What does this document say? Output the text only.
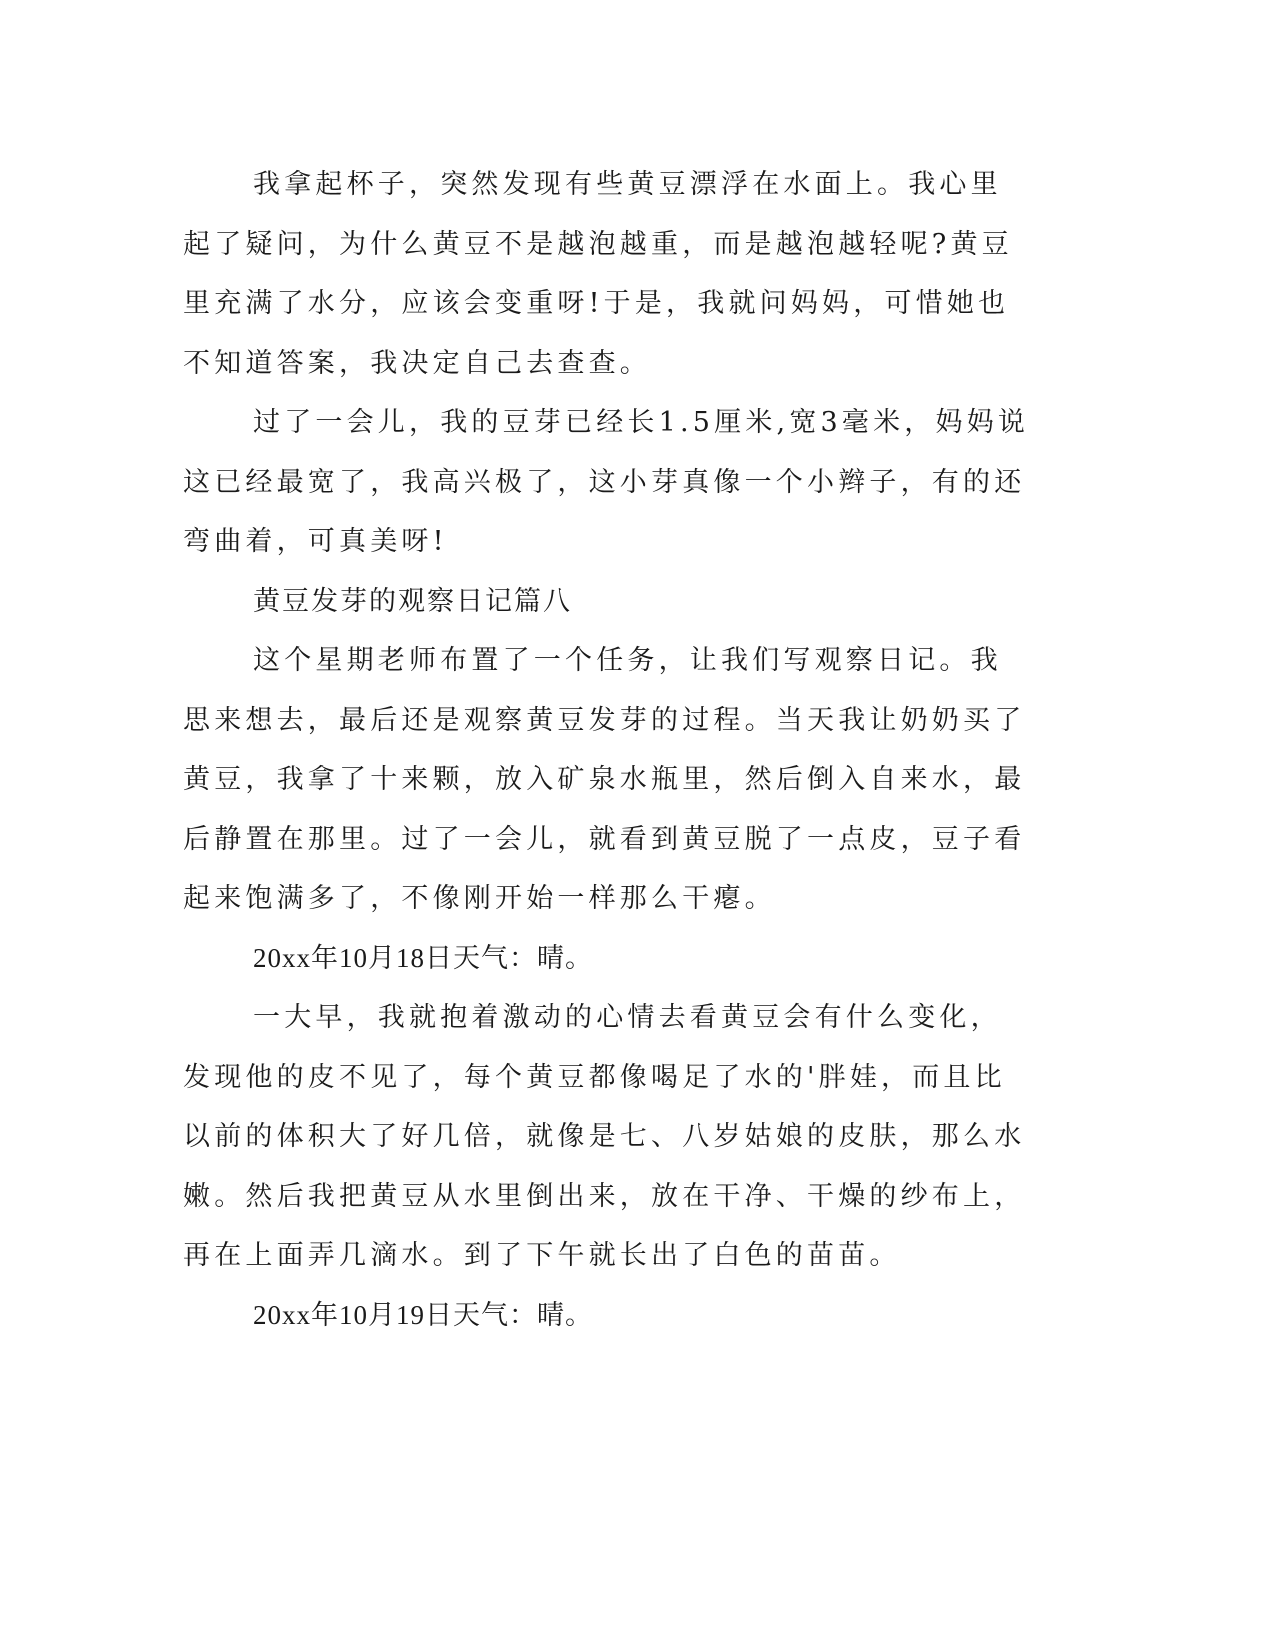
我拿起杯子，突然发现有些黄豆漂浮在水面上。我心里起了疑问，为什么黄豆不是越泡越重，而是越泡越轻呢?黄豆里充满了水分，应该会变重呀!于是，我就问妈妈，可惜她也不知道答案，我决定自己去查查。

过了一会儿，我的豆芽已经长1.5厘米,宽3毫米，妈妈说这已经最宽了，我高兴极了，这小芽真像一个小辫子，有的还弯曲着，可真美呀!

黄豆发芽的观察日记篇八

这个星期老师布置了一个任务，让我们写观察日记。我思来想去，最后还是观察黄豆发芽的过程。当天我让奶奶买了黄豆，我拿了十来颗，放入矿泉水瓶里，然后倒入自来水，最后静置在那里。过了一会儿，就看到黄豆脱了一点皮，豆子看起来饱满多了，不像刚开始一样那么干瘪。

20xx年10月18日天气：晴。

一大早，我就抱着激动的心情去看黄豆会有什么变化，发现他的皮不见了，每个黄豆都像喝足了水的'胖娃，而且比以前的体积大了好几倍，就像是七、八岁姑娘的皮肤，那么水嫩。然后我把黄豆从水里倒出来，放在干净、干燥的纱布上，再在上面弄几滴水。到了下午就长出了白色的苗苗。

20xx年10月19日天气：晴。
